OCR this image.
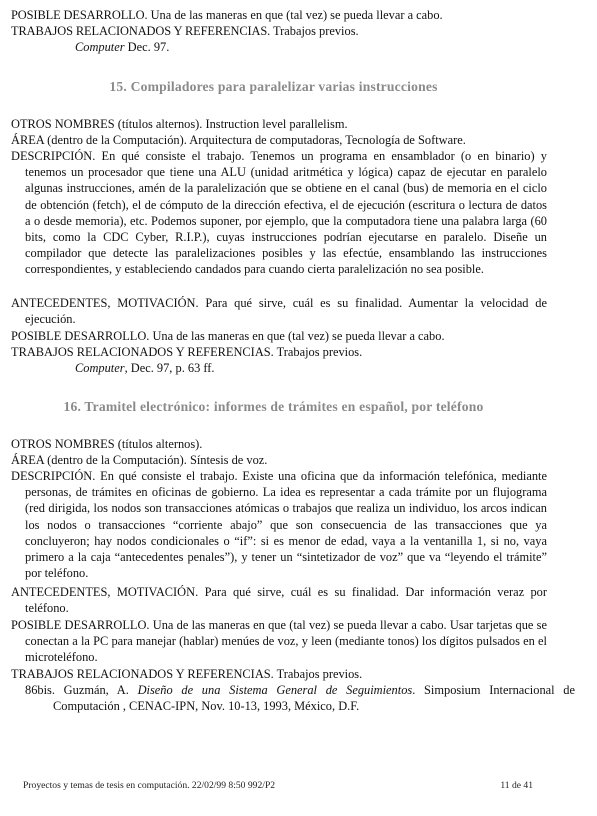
POSIBLE DESARROLLO. Una de las maneras en que (tal vez) se pueda llevar a cabo.

TRABAJOS RELACIONADOS Y REFERENCIAS. Trabajos previos.

Computer Dec. 97.

15. Compiladores para paralelizar varias instrucciones

OTROS NOMBRES (títulos alternos). Instruction level parallelism.

ÁREA (dentro de la Computación). Arquitectura de computadoras, Tecnología de Software.

DESCRIPCIÓN. En qué consiste el trabajo. Tenemos un programa en ensamblador (o en binario) y tenemos un procesador que tiene una ALU (unidad aritmética y lógica) capaz de ejecutar en paralelo algunas instrucciones, amén de la paralelización que se obtiene en el canal (bus) de memoria en el ciclo de obtención (fetch), el de cómputo de la dirección efectiva, el de ejecución (escritura o lectura de datos a o desde memoria), etc. Podemos suponer, por ejemplo, que la computadora tiene una palabra larga (60 bits, como la CDC Cyber, R.I.P.), cuyas instrucciones podrían ejecutarse en paralelo. Diseñe un compilador que detecte las paralelizaciones posibles y las efectúe, ensamblando las instrucciones correspondientes, y estableciendo candados para cuando cierta paralelización no sea posible.

ANTECEDENTES, MOTIVACIÓN. Para qué sirve, cuál es su finalidad. Aumentar la velocidad de ejecución.

POSIBLE DESARROLLO. Una de las maneras en que (tal vez) se pueda llevar a cabo.

TRABAJOS RELACIONADOS Y REFERENCIAS. Trabajos previos.

Computer, Dec. 97, p. 63 ff.

16. Tramitel electrónico: informes de trámites en español, por teléfono

OTROS NOMBRES (títulos alternos).

ÁREA (dentro de la Computación). Síntesis de voz.

DESCRIPCIÓN. En qué consiste el trabajo. Existe una oficina que da información telefónica, mediante personas, de trámites en oficinas de gobierno. La idea es representar a cada trámite por un flujograma (red dirigida, los nodos son transacciones atómicas o trabajos que realiza un individuo, los arcos indican los nodos o transacciones “corriente abajo” que son consecuencia de las transacciones que ya concluyeron; hay nodos condicionales o “if”: si es menor de edad, vaya a la ventanilla 1, si no, vaya primero a la caja “antecedentes penales”), y tener un “sintetizador de voz” que va “leyendo el trámite” por teléfono.

ANTECEDENTES, MOTIVACIÓN. Para qué sirve, cuál es su finalidad. Dar información veraz por teléfono.

POSIBLE DESARROLLO. Una de las maneras en que (tal vez) se pueda llevar a cabo. Usar tarjetas que se conectan a la PC para manejar (hablar) menúes de voz, y leen (mediante tonos) los dígitos pulsados en el microteléfono.

TRABAJOS RELACIONADOS Y REFERENCIAS. Trabajos previos.

86bis. Guzmán, A. Diseño de una Sistema General de Seguimientos. Simposium Internacional de Computación , CENAC-IPN, Nov. 10-13, 1993, México, D.F.

Proyectos y temas de tesis en computación. 22/02/99 8:50 992/P2	11 de 41
